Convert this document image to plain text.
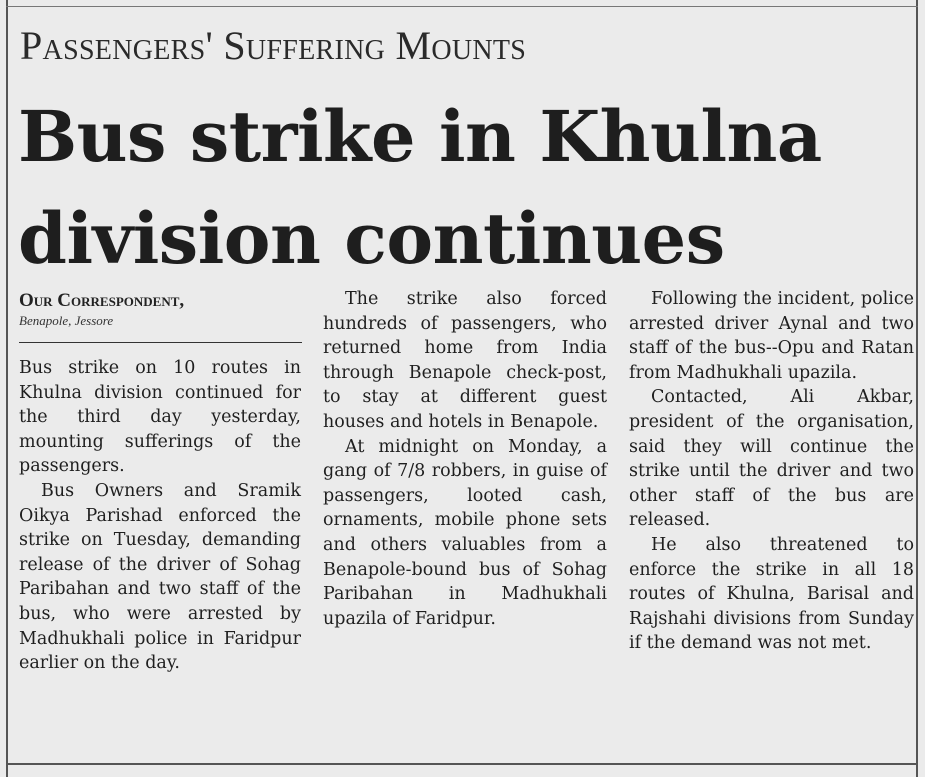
Passengers' Suffering Mounts
Bus strike in Khulna division continues
Our Correspondent,
Benapole, Jessore

Bus strike on 10 routes in Khulna division continued for the third day yesterday, mounting sufferings of the passengers.

Bus Owners and Sramik Oikya Parishad enforced the strike on Tuesday, demanding release of the driver of Sohag Paribahan and two staff of the bus, who were arrested by Madhukhali police in Faridpur earlier on the day.

The strike also forced hundreds of passengers, who returned home from India through Benapole check-post, to stay at different guest houses and hotels in Benapole.

At midnight on Monday, a gang of 7/8 robbers, in guise of passengers, looted cash, ornaments, mobile phone sets and others valuables from a Benapole-bound bus of Sohag Paribahan in Madhukhali upazila of Faridpur.

Following the incident, police arrested driver Aynal and two staff of the bus--Opu and Ratan from Madhukhali upazila.

Contacted, Ali Akbar, president of the organisation, said they will continue the strike until the driver and two other staff of the bus are released.

He also threatened to enforce the strike in all 18 routes of Khulna, Barisal and Rajshahi divisions from Sunday if the demand was not met.
